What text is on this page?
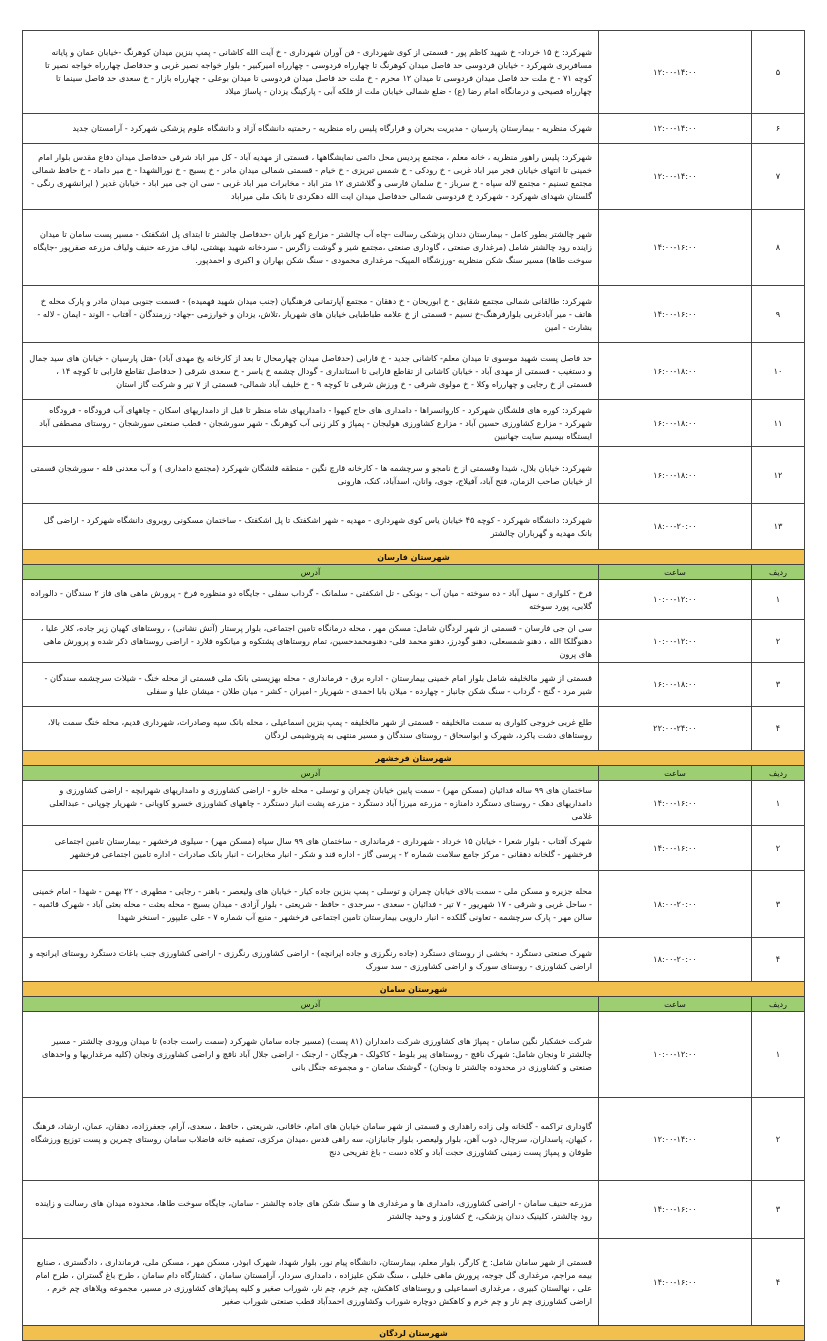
۵	۱۲:۰۰-۱۴:۰۰	شهرکرد: خ ۱۵ خرداد- خ شهید کاظم پور - قسمتی از کوی شهرداری - فن آوران شهرداری - خ آیت الله کاشانی - پمپ بنزین میدان کوهرنگ -خیابان عمان و پایانه مسافربری شهرکرد - خیابان فردوسی حد فاصل میدان کوهرنگ تا چهارراه فردوسی - چهارراه امیرکبیر - بلوار خواجه نصیر غربی و حدفاصل چهارراه خواجه نصیر تا کوچه ۷۱ - خ ملت حد فاصل میدان فردوسی تا میدان ۱۲ محرم - خ ملت حد فاصل میدان فردوسی تا میدان بوعلی - چهارراه بازار - خ سعدی حد فاصل سینما تا چهارراه فصیحی و درمانگاه امام رضا (ع) - ضلع شمالی خیابان ملت از فلکه آبی - پارکینگ یزدان - پاساژ میلاد
۶	۱۲:۰۰-۱۴:۰۰	شهرک منظریه - بیمارستان پارسیان - مدیریت بحران و قرارگاه پلیس راه منظریه - رحمتیه دانشگاه آزاد و دانشگاه علوم پزشکی شهرکرد - آرامستان جدید
۷	۱۲:۰۰-۱۴:۰۰	شهرکرد: پلیس راهور منظریه ، خانه معلم ، مجتمع پردیس محل دائمی نمایشگاهها ، قسمتی از مهدیه آباد - کل میر اباد شرقی حدفاصل میدان دفاع مقدس بلوار امام خمینی تا انتهای خیابان فجر میر اباد غربی - خ رودکی - خ شمس تبریزی - خ خیام - قسمتی شمالی میدان مادر - خ بسیج - خ نورالشهدا - خ میر داماد - خ حافظ شمالی مجتمع تسنیم - مجتمع لاله سپاه - خ سرباز - خ سلمان فارسی و گلاشتری ۱۲ متر اباد - مخابرات میر اباد غربی - سی ان جی میر اباد - خیابان غدیر ( ایرانشهری رنگی - گلستان شهدای شهرکرد - شهرکرد خ فردوسی شمالی حدفاصل میدان ایت الله دهکردی تا بانک ملی میراباد
۸	۱۴:۰۰-۱۶:۰۰	شهر چالشتر بطور کامل - بیمارستان دندان پزشکی رسالت -چاه آب چالشتر - مزارع کهر باران -حدفاصل چالشتر تا ابتدای پل اشکفتک - مسیر پست سامان تا میدان زاینده رود چالشتر شامل (مرغداری صنعتی ، گاوداری صنعتی ،مجتمع شیر و گوشت زاگرس - سردخانه شهید بهشتی، لیاف مزرعه حنیف ولیاف مزرعه صفرپور -جایگاه سوخت طاها) مسیر سنگ شکن منظریه -ورزشگاه المپیک- مرغداری محمودی - سنگ شکن بهاران و اکبری و احمدپور.
۹	۱۴:۰۰-۱۶:۰۰	شهرکرد: طالقانی شمالی مجتمع شقایق - خ ابوریحان - خ دهقان - مجتمع آپارتمانی فرهنگیان (جنب میدان شهید فهمیده) - قسمت جنوبی میدان مادر و پارک محله خ هاتف - میر آبادغربی بلوارفرهنگ-خ نسیم - قسمتی از خ علامه طباطبایی خیابان های شهریار ،تلاش، یزدان و خوارزمی -جهاد- زرمندگان - آفتاب - الوند - ایمان - لاله - بشارت - امین
۱۰	۱۶:۰۰-۱۸:۰۰	حد فاصل پست شهید موسوی تا میدان معلم- کاشانی جدید - خ فارابی (حدفاصل میدان چهارمحال تا بعد از کارخانه یخ مهدی آباد) -هتل پارسیان - خیابان های سید جمال و دستغیب - قسمتی از مهدی آباد - خیابان کاشانی از تقاطع فارابی تا استانداری - گودال چشمه خ یاسر - خ سعدی شرقی ( حدفاصل تقاطع فارابی تا کوچه ۱۴ ، قسمتی از خ رجایی و چهارراه وکلا - خ مولوی شرقی - خ ورزش شرقی تا کوچه ۹ - خ خلیف آباد شمالی- قسمتی از ۷ تیر و شرکت گاز استان
۱۱	۱۶:۰۰-۱۸:۰۰	شهرکرد: کوره های قلشگان شهرکرد - کاروانسراها - دامداری های حاج کیهوا - دامداریهای شاه منظر تا قبل از دامداریهای اسکان - چاههای آب فرودگاه - فرودگاه شهرکرد - مزارع کشاورزی حسین آباد - مزارع کشاورزی هولیجان - پمپاژ و کلر زنی آب کوهرنگ - شهر سورشجان - قطب صنعتی سورشجان - روستای مصطفی آباد ایستگاه بیسیم سایت جهانبین
۱۲	۱۶:۰۰-۱۸:۰۰	شهرکرد: خیابان بلال، شیدا وقسمتی از خ نامجو و سرچشمه ها - کارخانه قارچ نگین - منطقه قلشگان شهرکرد (مجتمع دامداری ) و آب معدنی قله - سورشجان قسمتی از خیابان صاحب الزمان، فتح آباد، آفیلاج، جوی، وانان، اسدآباد، کنک، هارونی
۱۳	۱۸:۰۰-۲۰:۰۰	شهرکرد: دانشگاه شهرکرد - کوچه ۴۵ خیابان یاس کوی شهرداری - مهدیه - شهر اشکفتک تا پل اشکفتک - ساختمان مسکونی روبروی دانشگاه شهرکرد - اراضی گل بانک مهدیه و گهرباران چالشتر
شهرستان فارسان		
ردیف	ساعت	آدرس
۱	۱۰:۰۰-۱۲:۰۰	فرخ - کلواری - سهل آباد - ده سوخته - میان آب - بونکی - تل اشکفتی - سلمانک - گرداب سفلی - جایگاه دو منظوره فرخ - پرورش ماهی های فاز ۲ سندگان - دالوراده گلابی، پورد سوخته
۲	۱۰:۰۰-۱۲:۰۰	سی ان جی فارسان - قسمتی از شهر لردگان شامل: مسکن مهر ، محله درمانگاه تامین اجتماعی، بلوار پرستار (آتش نشانی) ، روستاهای کهیان زیر جاده، کلار علیا ، دهنوگلکا الله ، دهنو شمسعلی، دهنو گودرز، دهنو محمد قلی- دهنومحمدحسین، تمام روستاهای پشتکوه و میانکوه فلارد - اراضی روستاهای ذکر شده و پرورش ماهی های پرون
۳	۱۶:۰۰-۱۸:۰۰	قسمتی از شهر مالخلیفه شامل بلوار امام خمینی بیمارستان - اداره برق - فرمانداری - محله بهزیستی بانک ملی قسمتی از محله خنگ - شیلات سرچشمه سندگان - شیر مرد - گنج - گرداب - سنگ شکن جانباز - چهارده - میلان بابا احمدی - شهریار - امیران - کشر - میان طلان - میشان علیا و سفلی
۴	۲۲:۰۰-۲۴:۰۰	طلع غربی خروجی کلواری به سمت مالخلیفه - قسمتی از شهر مالخلیفه - پمپ بنزین اسماعیلی ، محله بانک سپه وصادرات، شهرداری قدیم، محله خنگ سمت بالا، روستاهای دشت یاکرد، شهرک و ابواسحاق - روستای سندگان و مسیر منتهی به پتروشیمی لردگان
شهرستان فرخشهر		
ردیف	ساعت	آدرس
۱	۱۴:۰۰-۱۶:۰۰	ساختمان های ۹۹ ساله فدائیان (مسکن مهر) - سمت پایین خیابان چمران و توسلی - محله خارو - اراضی کشاورزی و دامداریهای شهرابچه - اراضی کشاورزی و دامداریهای دهک - روستای دستگرد دامنازه - مزرعه میرزا آباد دستگرد - مزرعه پشت انبار دستگرد - چاههای کشاورزی خسرو کاویانی - شهریار چوپانی - عبدالعلی غلامی
۲	۱۴:۰۰-۱۶:۰۰	شهرک آفتاب - بلوار شعرا - خیابان ۱۵ خرداد - شهرداری - فرمانداری - ساختمان های ۹۹ سال سپاه (مسکن مهر) - سیلوی فرخشهر - بیمارستان تامین اجتماعی فرخشهر - گلخانه دهقانی - مرکز جامع سلامت شماره ۲ - پرسی گاز - اداره قند و شکر - انبار مخابرات - انبار بانک صادرات - اداره تامین اجتماعی فرخشهر
۳	۱۸:۰۰-۲۰:۰۰	محله جزیره و مسکن ملی - سمت بالای خیابان چمران و توسلی - پمپ بنزین جاده کیار - خیابان های ولیعصر - باهنر - رجایی - مطهری - ۲۲ بهمن - شهدا - امام خمینی - ساحل غربی و شرقی - ۱۷ شهریور - ۷ تیر - فدائیان - سعدی - سرحدی - حافظ - شریعتی - بلوار آزادی - میدان بسیج - محله بعثت - محله بعثی آباد - شهرک قائمیه - سالن مهر - پارک سرچشمه - تعاونی گلکده - انبار دارویی بیمارستان تامین اجتماعی فرخشهر - منبع آب شماره ۷ - علی علیپور - اسنخر شهدا
۴	۱۸:۰۰-۲۰:۰۰	شهرک صنعتی دستگرد - بخشی از روستای دستگرد (جاده رنگرزی و جاده ایرانچه) - اراضی کشاورزی رنگرزی - اراضی کشاورزی جنب باغات دستگرد روستای ایرانچه و اراضی کشاورزی - روستای سورک و اراضی کشاورزی - سد سورک
شهرستان سامان		
ردیف	ساعت	آدرس
۱	۱۰:۰۰-۱۲:۰۰	شرکت خشکبار نگین سامان - پمپاژ های کشاورزی شرکت دامداران (۸۱ پست) (مسیر جاده سامان شهرکرد (سمت راست جاده) تا میدان ورودی چالشتر - مسیر چالشتر تا ونجان شامل: شهرک نافچ - روستاهای پیر بلوط - کاکولک - هرچگان - ارجنک - اراضی جلال آباد نافچ و اراضی کشاورزی ونجان (کلیه مرغداریها و واحدهای صنعتی و کشاورزی در محدوده چالشتر تا ونجان) - گوشتک سامان - و مجموعه جنگل بانی
۲	۱۲:۰۰-۱۴:۰۰	گاوداری تراکمه - گلخانه ولی زاده راهداری و قسمتی از شهر سامان خیابان های امام، خاقانی، شریعتی ، حافظ ، سعدی، آرام، جعفرزاده، دهقان، عمان، ارشاد، فرهنگ ، کیهان، پاسداران، سرچال، ذوب آهن، بلوار ولیعصر، بلوار جانبازان، سه راهی قدس ،میدان مرکزی، تصفیه خانه فاضلاب سامان روستای چمرین و پست توزیع ورزشگاه طوفان و پمپاژ پست زمینی کشاورزی حجت آباد و کلاه دست - باغ تفریحی دنج
۳	۱۴:۰۰-۱۶:۰۰	مزرعه حنیف سامان - اراضی کشاورزی، دامداری ها و مرغداری ها و سنگ شکن های جاده چالشتر - سامان، جایگاه سوخت طاها، محدوده میدان های رسالت و زاینده رود چالشتر، کلینیک دندان پزشکی، خ کشاورز و وحید چالشتر
۴	۱۴:۰۰-۱۶:۰۰	قسمتی از شهر سامان شامل: خ کارگر، بلوار معلم، بیمارستان، دانشگاه پیام نور، بلوار شهدا، شهرک ابوذر، مسکن مهر ، مسکن ملی، فرمانداری ، دادگستری ، صنایع بیمه مراجم، مرغداری گل جوجه، پرورش ماهی خلیلی ، سنگ شکن علیزاده ، دامداری سردار، آرامستان سامان ، کشتارگاه دام سامان ، طرح باغ گستران ، طرح امام علی ، نهالستان کبیری ، مرغداری اسماعیلی و روستاهای کاهکش، چم خرم، چم نار، شوراب صغیر و کلیه پمپاژهای کشاورزی در مسیر، مجموعه ویلاهای چم خرم ، اراضی کشاورزی چم نار و چم خرم و کاهکش دوچاره شوراب وکشاورزی احمدآباد قطب صنعتی شوراب صغیر
شهرستان لردگان		
